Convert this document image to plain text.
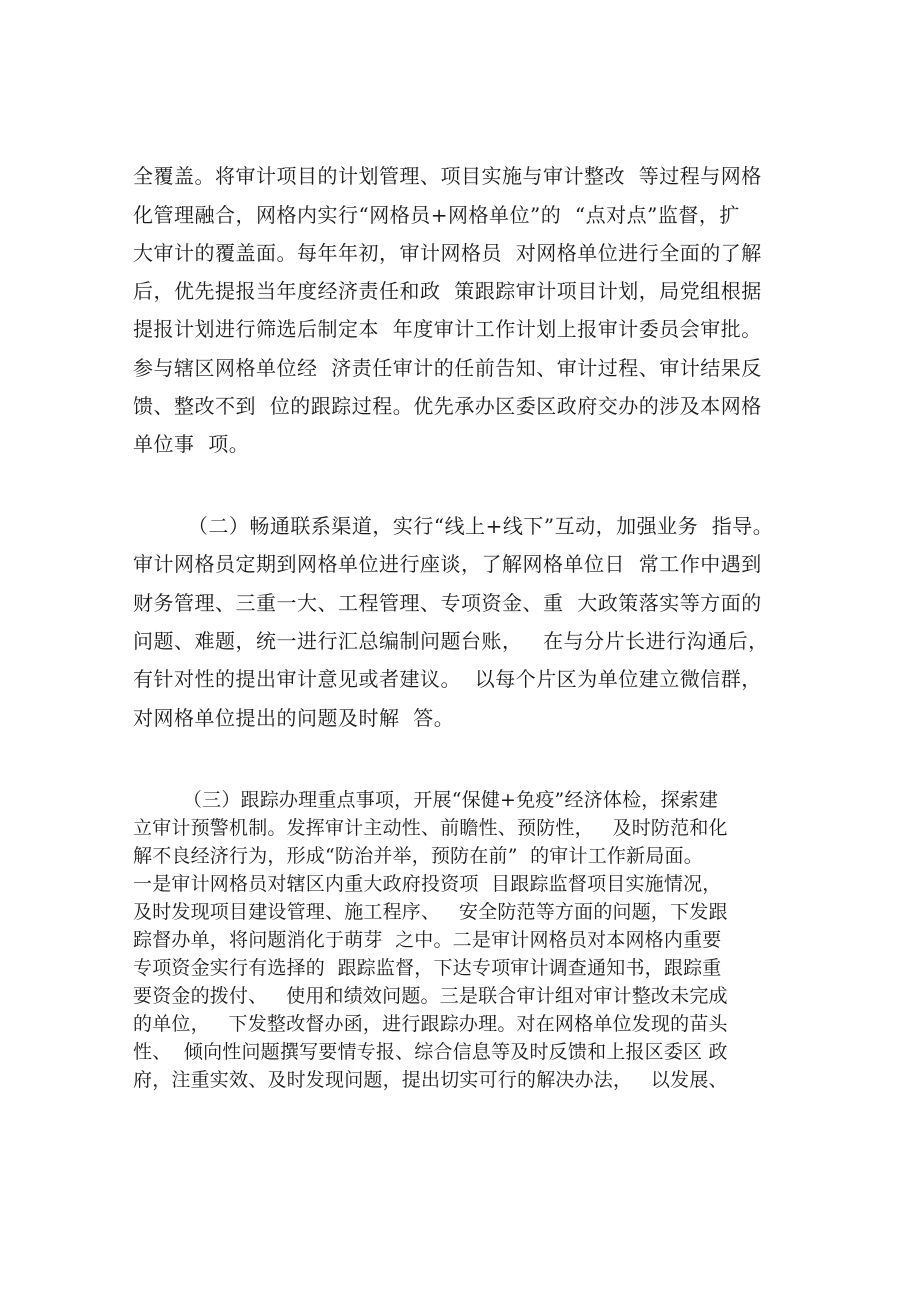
全覆盖。将审计项目的计划管理、项目实施与审计整改  等过程与网格
化管理融合，网格内实行“网格员+网格单位”的  “点对点”监督，扩
大审计的覆盖面。每年年初，审计网格员  对网格单位进行全面的了解
后，优先提报当年度经济责任和政  策跟踪审计项目计划，局党组根据
提报计划进行筛选后制定本  年度审计工作计划上报审计委员会审批。
参与辖区网格单位经  济责任审计的任前告知、审计过程、审计结果反
馈、整改不到  位的跟踪过程。优先承办区委区政府交办的涉及本网格
单位事  项。
（二）畅通联系渠道，实行“线上+线下”互动，加强业务  指导。
审计网格员定期到网格单位进行座谈，了解网格单位日  常工作中遇到
财务管理、三重一大、工程管理、专项资金、重  大政策落实等方面的
问题、难题，统一进行汇总编制问题台账，   在与分片长进行沟通后，
有针对性的提出审计意见或者建议。  以每个片区为单位建立微信群，
对网格单位提出的问题及时解  答。
（三）跟踪办理重点事项，开展“保健+免疫”经济体检，探索建
立审计预警机制。发挥审计主动性、前瞻性、预防性，   及时防范和化
解不良经济行为，形成“防治并举，预防在前”  的审计工作新局面。
一是审计网格员对辖区内重大政府投资项  目跟踪监督项目实施情况，
及时发现项目建设管理、施工程序、   安全防范等方面的问题，下发跟
踪督办单，将问题消化于萌芽  之中。二是审计网格员对本网格内重要
专项资金实行有选择的  跟踪监督，下达专项审计调查通知书，跟踪重
要资金的拨付、   使用和绩效问题。三是联合审计组对审计整改未完成
的单位，   下发整改督办函，进行跟踪办理。对在网格单位发现的苗头
性、  倾向性问题撰写要情专报、综合信息等及时反馈和上报区委区 政
府，注重实效、及时发现问题，提出切实可行的解决办法，   以发展、
